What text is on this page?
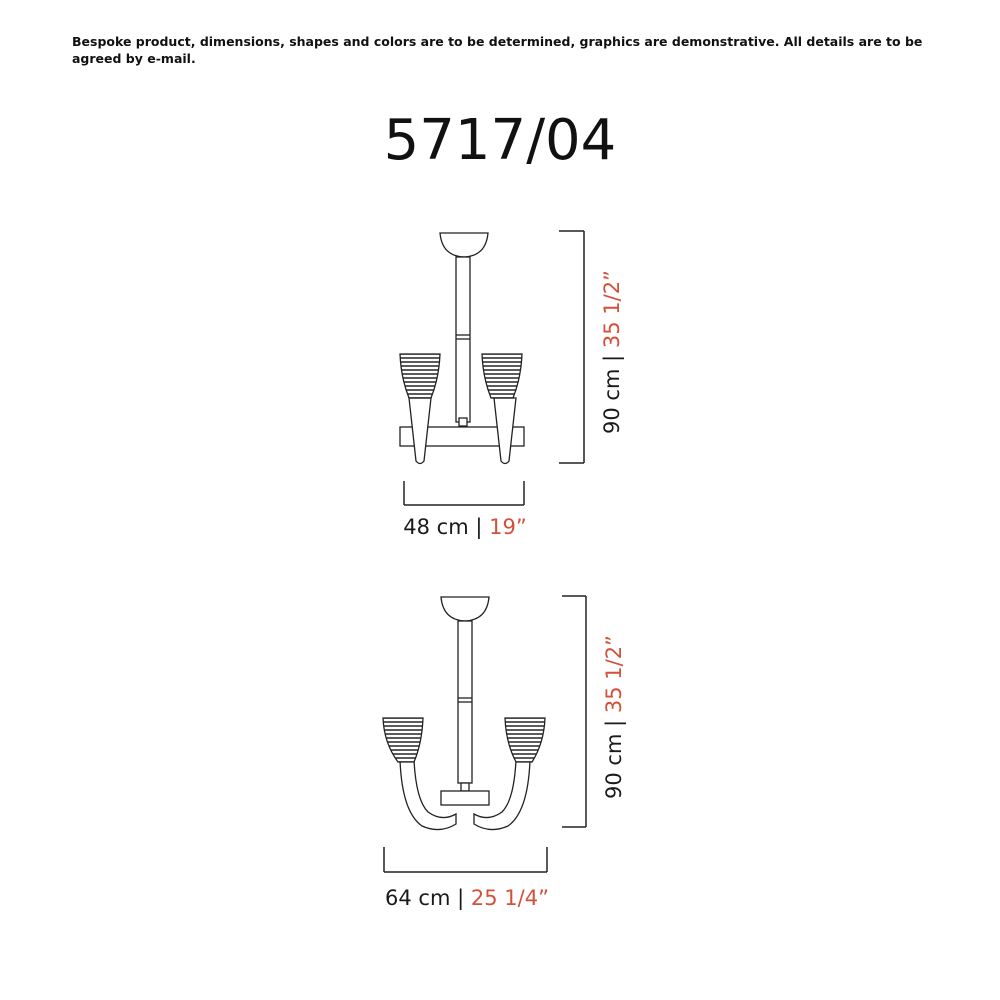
Bespoke product, dimensions, shapes and colors are to be determined, graphics are demonstrative. All details are to be agreed by e-mail.
5717/04
90 cm | 35 1/2”
48 cm | 19”
90 cm | 35 1/2”
64 cm | 25 1/4”
